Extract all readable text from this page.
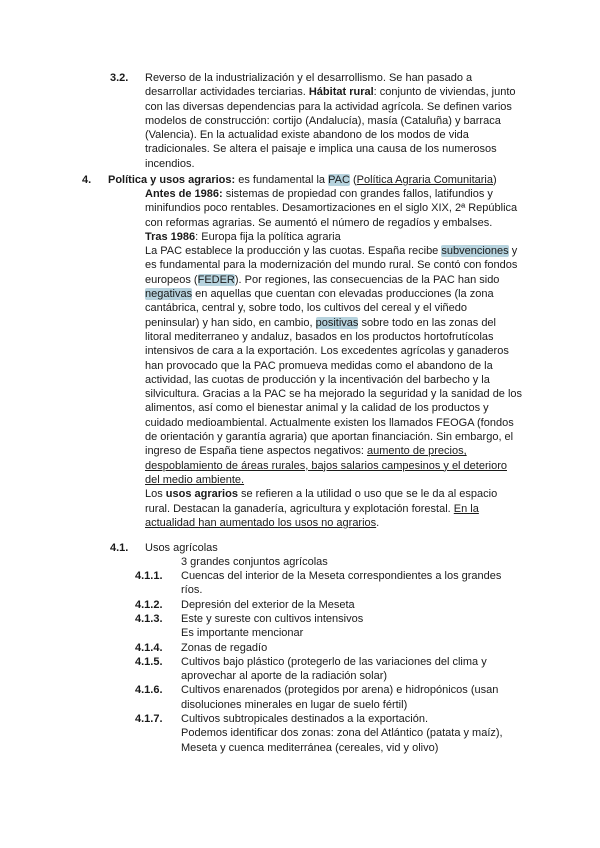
3.2. Reverso de la industrialización y el desarrollismo. Se han pasado a
desarrollar actividades terciarias. Hábitat rural: conjunto de viviendas, junto
con las diversas dependencias para la actividad agrícola. Se definen varios
modelos de construcción: cortijo (Andalucía), masía (Cataluña) y barraca
(Valencia). En la actualidad existe abandono de los modos de vida
tradicionales. Se altera el paisaje e implica una causa de los numerosos
incendios.
4. Política y usos agrarios: es fundamental la PAC (Política Agraria Comunitaria)
Antes de 1986: sistemas de propiedad con grandes fallos, latifundios y
minifundios poco rentables. Desamortizaciones en el siglo XIX, 2ª República
con reformas agrarias. Se aumentó el número de regadíos y embalses.
Tras 1986: Europa fija la política agraria
La PAC establece la producción y las cuotas. España recibe subvenciones y
es fundamental para la modernización del mundo rural. Se contó con fondos
europeos (FEDER). Por regiones, las consecuencias de la PAC han sido
negativas en aquellas que cuentan con elevadas producciones (la zona
cantábrica, central y, sobre todo, los cultivos del cereal y el viñedo
peninsular) y han sido, en cambio, positivas sobre todo en las zonas del
litoral mediterraneo y andaluz, basados en los productos hortofrutícolas
intensivos de cara a la exportación. Los excedentes agrícolas y ganaderos
han provocado que la PAC promueva medidas como el abandono de la
actividad, las cuotas de producción y la incentivación del barbecho y la
silvicultura. Gracias a la PAC se ha mejorado la seguridad y la sanidad de los
alimentos, así como el bienestar animal y la calidad de los productos y
cuidado medioambiental. Actualmente existen los llamados FEOGA (fondos
de orientación y garantía agraria) que aportan financiación. Sin embargo, el
ingreso de España tiene aspectos negativos: aumento de precios,
despoblamiento de áreas rurales, bajos salarios campesinos y el deterioro
del medio ambiente.
Los usos agrarios se refieren a la utilidad o uso que se le da al espacio
rural. Destacan la ganadería, agricultura y explotación forestal. En la
actualidad han aumentado los usos no agrarios.
4.1. Usos agrícolas
3 grandes conjuntos agrícolas
4.1.1. Cuencas del interior de la Meseta correspondientes a los grandes
ríos.
4.1.2. Depresión del exterior de la Meseta
4.1.3. Este y sureste con cultivos intensivos
Es importante mencionar
4.1.4. Zonas de regadío
4.1.5. Cultivos bajo plástico (protegerlo de las variaciones del clima y
aprovechar al aporte de la radiación solar)
4.1.6. Cultivos enarenados (protegidos por arena) e hidropónicos (usan
disoluciones minerales en lugar de suelo fértil)
4.1.7. Cultivos subtropicales destinados a la exportación.
Podemos identificar dos zonas: zona del Atlántico (patata y maíz),
Meseta y cuenca mediterránea (cereales, vid y olivo)
